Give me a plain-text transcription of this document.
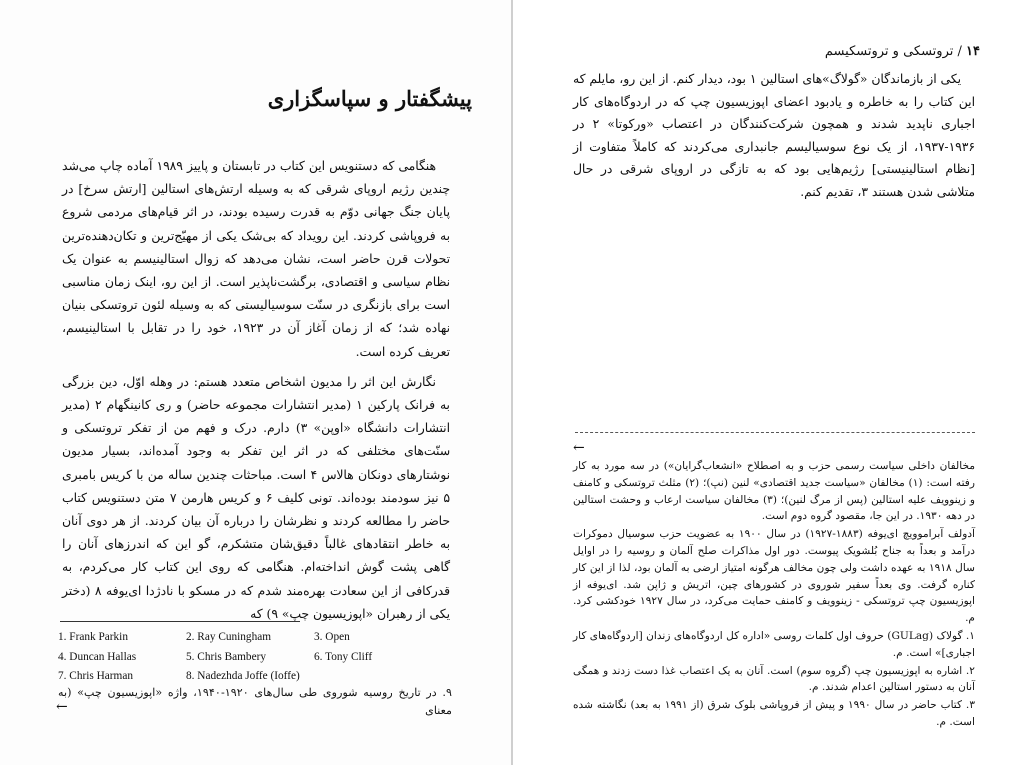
پیشگفتار و سپاسگزاری

هنگامی که دستنویس این کتاب در تابستان و پاییز ۱۹۸۹ آماده چاپ می‌شد چندین رژیم اروپای شرقی که به وسیله ارتش‌های استالین [ارتش سرخ] در پایان جنگ جهانی دوّم به قدرت رسیده بودند، در اثر قیام‌های مردمی شروع به فروپاشی کردند. این رویداد که بی‌شک یکی از مهیّج‌ترین و تکان‌دهنده‌ترین تحولات قرن حاضر است، نشان می‌دهد که زوال استالینیسم به عنوان یک نظام سیاسی و اقتصادی، برگشت‌ناپذیر است. از این رو، اینک زمان مناسبی است برای بازنگری در سنّت سوسیالیستی که به وسیله لئون تروتسکی بنیان نهاده شد؛ که از زمان آغاز آن در ۱۹۲۳، خود را در تقابل با استالینیسم، تعریف کرده است.

نگارش این اثر را مدیون اشخاص متعدد هستم: در وهله اوّل، دین بزرگی به فرانک پارکین ۱ (مدیر انتشارات مجموعه حاضر) و ری کانینگهام ۲ (مدیر انتشارات دانشگاه «اوپن» ۳) دارم. درک و فهم من از تفکر تروتسکی و سنّت‌های مختلفی که در اثر این تفکر به وجود آمده‌اند، بسیار مدیون نوشتارهای دونکان هالاس ۴ است. مباحثات چندین ساله من با کریس بامبری ۵ نیز سودمند بوده‌اند. تونی کلیف ۶ و کریس هارمن ۷ متن دستنویس کتاب حاضر را مطالعه کردند و نظرشان را درباره آن بیان کردند. از هر دوی آنان به خاطر انتقادهای غالباً دقیق‌شان متشکرم، گو این که اندرزهای آنان را گاهی پشت گوش انداخته‌ام. هنگامی که روی این کتاب کار می‌کردم، به قدرکافی از این سعادت بهره‌مند شدم که در مسکو با نادژدا ای‌یوفه ۸ (دختر یکی از رهبران «اپوزیسیون چپ» ۹) که

1. Frank Parkin	2. Ray Cuningham	3. Open
4. Duncan Hallas	5. Chris Bambery	6. Tony Cliff
7. Chris Harman	8. Nadezhda Joffe (Ioffe)
۹. در تاریخ روسیه شوروی طی سال‌های ۱۹۲۰-۱۹۴۰، واژه «اپوزیسیون چپ» (به معنای
←
۱۴ / تروتسکی و تروتسکیسم

یکی از بازماندگان «گولاگ»های استالین ۱ بود، دیدار کنم. از این رو، مایلم که این کتاب را به خاطره و یادبود اعضای اپوزیسیون چپ که در اردوگاه‌های کار اجباری ناپدید شدند و همچون شرکت‌کنندگان در اعتصاب «ورکوتا» ۲ در ۱۹۳۶-۱۹۳۷، از یک نوع سوسیالیسم جانبداری می‌کردند که کاملاً متفاوت از [نظام استالینیستی] رژیم‌هایی بود که به تازگی در اروپای شرقی در حال متلاشی شدن هستند ۳، تقدیم کنم.

←

مخالفان داخلی سیاست رسمی حزب و به اصطلاح «انشعاب‌گرایان») در سه مورد به کار رفته است: (۱) مخالفان «سیاست جدید اقتصادی» لنین (نپ)؛ (۲) مثلث تروتسکی و کامنف و زینوویف علیه استالین (پس از مرگ لنین)؛ (۳) مخالفان سیاست ارعاب و وحشت استالین در دهه ۱۹۳۰. در این جا، مقصود گروه دوم است.

آدولف آبراموویچ ای‌یوفه (۱۸۸۳-۱۹۲۷) در سال ۱۹۰۰ به عضویت حزب سوسیال دموکرات درآمد و بعداً به جناح بُلشویک پیوست. دور اول مذاکرات صلح آلمان و روسیه را در اوایل سال ۱۹۱۸ به عهده داشت ولی چون مخالف هرگونه امتیاز ارضی به آلمان بود، لذا از این کار کناره گرفت. وی بعداً سفیر شوروی در کشورهای چین، اتریش و ژاپن شد. ای‌یوفه از اپوزیسیون چپ تروتسکی - زینوویف و کامنف حمایت می‌کرد، در سال ۱۹۲۷ خودکشی کرد. م.

۱. گولاک (GULag) حروف اول کلمات روسی «اداره کل اردوگاه‌های زندان [اردوگاه‌های کار اجباری]» است. م.

۲. اشاره به اپوزیسیون چپ (گروه سوم) است. آنان به یک اعتصاب غذا دست زدند و همگی آنان به دستور استالین اعدام شدند. م.

۳. کتاب حاضر در سال ۱۹۹۰ و پیش از فروپاشی بلوک شرق (از ۱۹۹۱ به بعد) نگاشته شده است. م.
